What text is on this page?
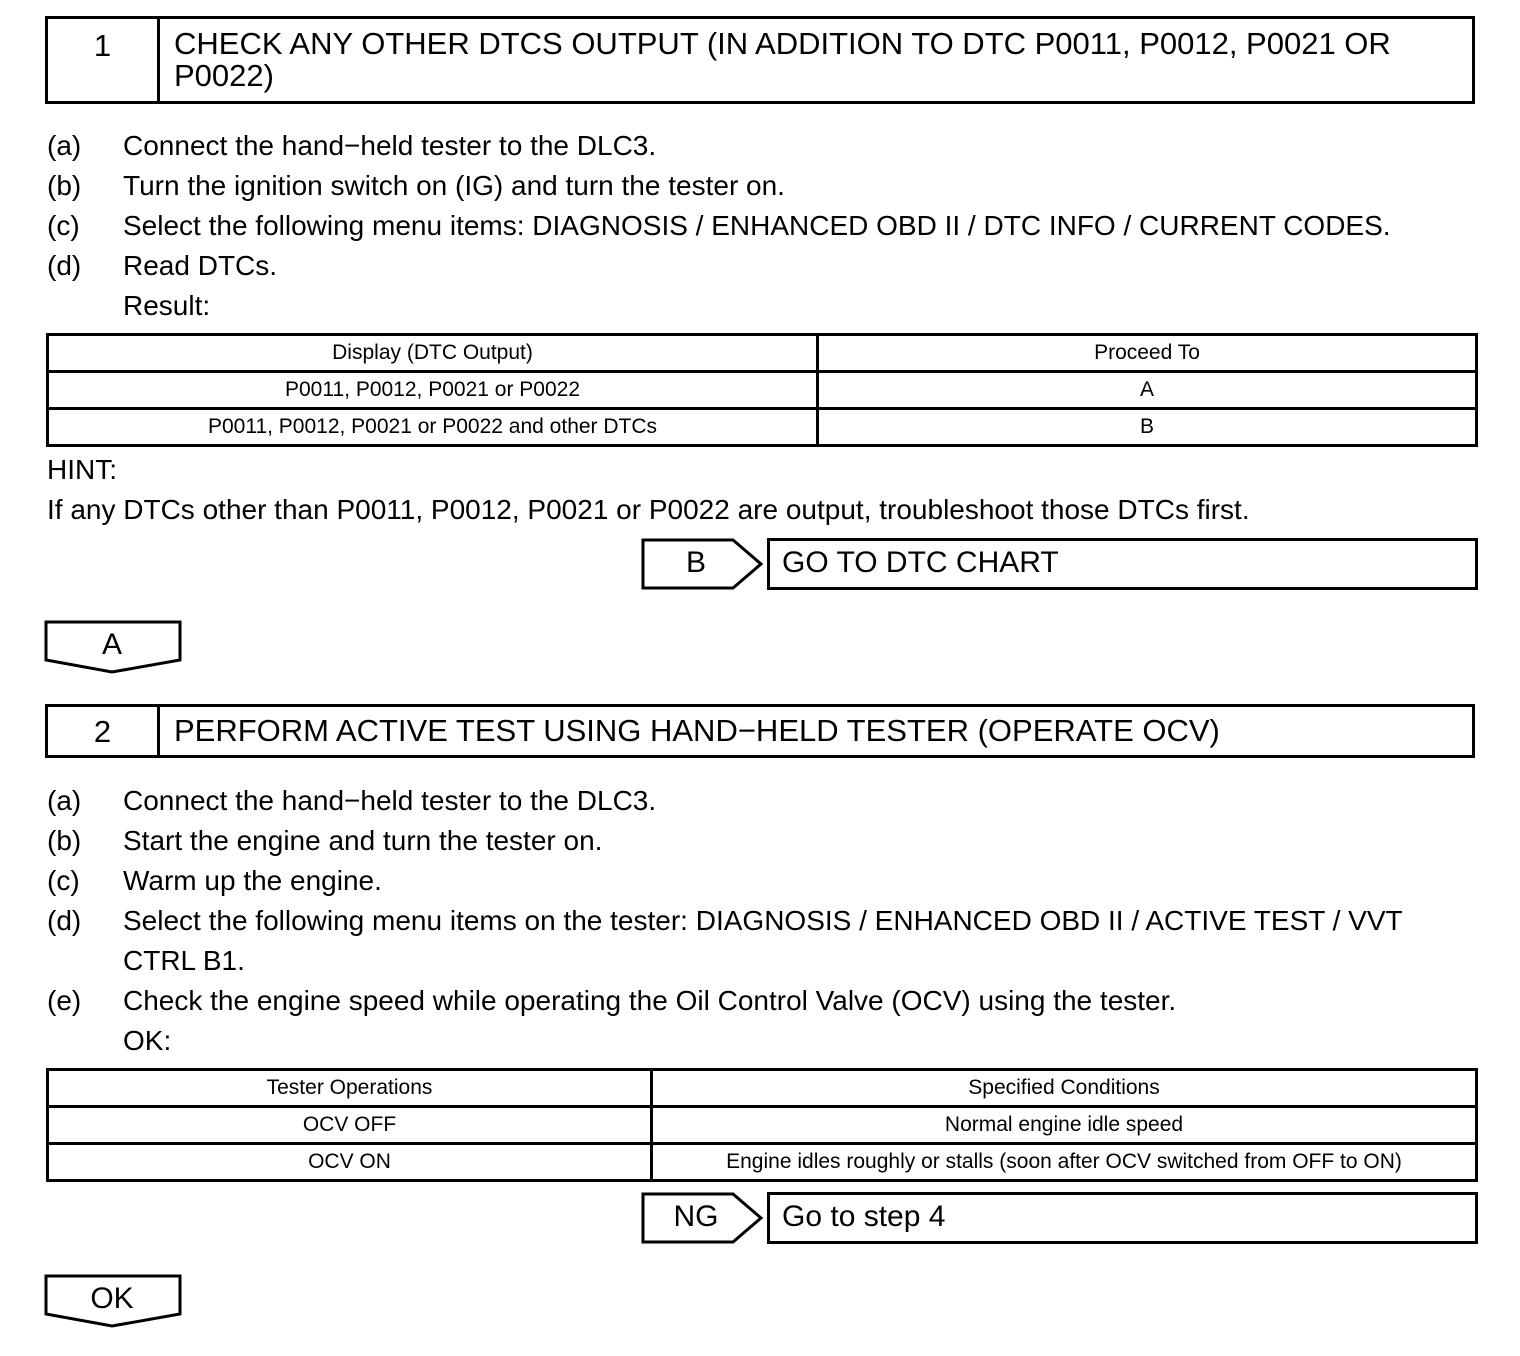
1	CHECK ANY OTHER DTCS OUTPUT (IN ADDITION TO DTC P0011, P0012, P0021 OR P0022)
(a)	Connect the hand−held tester to the DLC3.
(b)	Turn the ignition switch on (IG) and turn the tester on.
(c)	Select the following menu items: DIAGNOSIS / ENHANCED OBD II / DTC INFO / CURRENT CODES.
(d)	Read DTCs.
Result:
Display (DTC Output)	Proceed To
P0011, P0012, P0021 or P0022	A
P0011, P0012, P0021 or P0022 and other DTCs	B
HINT:
If any DTCs other than P0011, P0012, P0021 or P0022 are output, troubleshoot those DTCs first.
B	GO TO DTC CHART
A
2	PERFORM ACTIVE TEST USING HAND−HELD TESTER (OPERATE OCV)
(a)	Connect the hand−held tester to the DLC3.
(b)	Start the engine and turn the tester on.
(c)	Warm up the engine.
(d)	Select the following menu items on the tester: DIAGNOSIS / ENHANCED OBD II / ACTIVE TEST / VVT CTRL B1.
(e)	Check the engine speed while operating the Oil Control Valve (OCV) using the tester.
OK:
Tester Operations	Specified Conditions
OCV OFF	Normal engine idle speed
OCV ON	Engine idles roughly or stalls (soon after OCV switched from OFF to ON)
NG	Go to step 4
OK
